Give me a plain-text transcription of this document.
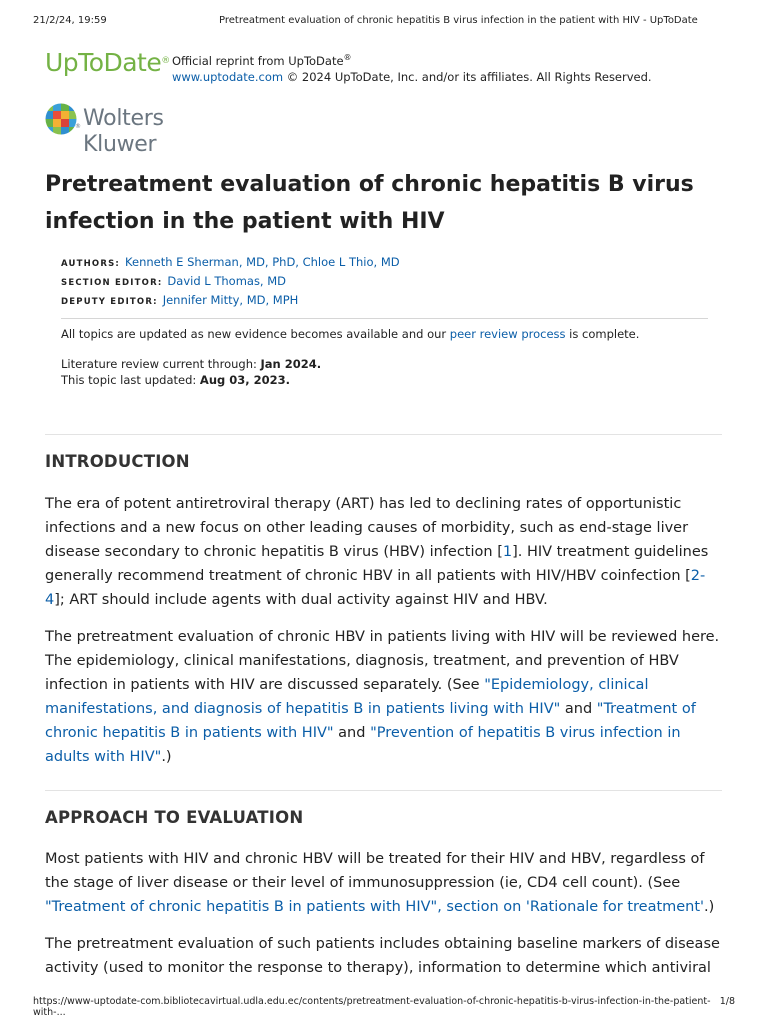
21/2/24, 19:59	Pretreatment evaluation of chronic hepatitis B virus infection in the patient with HIV - UpToDate
UpToDate® Official reprint from UpToDate®
www.uptodate.com © 2024 UpToDate, Inc. and/or its affiliates. All Rights Reserved.
® Wolters Kluwer
Pretreatment evaluation of chronic hepatitis B virus infection in the patient with HIV
AUTHORS: Kenneth E Sherman, MD, PhD, Chloe L Thio, MD
SECTION EDITOR: David L Thomas, MD
DEPUTY EDITOR: Jennifer Mitty, MD, MPH

All topics are updated as new evidence becomes available and our peer review process is complete.

Literature review current through: Jan 2024.

This topic last updated: Aug 03, 2023.

INTRODUCTION

The era of potent antiretroviral therapy (ART) has led to declining rates of opportunistic infections and a new focus on other leading causes of morbidity, such as end-stage liver disease secondary to chronic hepatitis B virus (HBV) infection [1]. HIV treatment guidelines generally recommend treatment of chronic HBV in all patients with HIV/HBV coinfection [2-4]; ART should include agents with dual activity against HIV and HBV.

The pretreatment evaluation of chronic HBV in patients living with HIV will be reviewed here. The epidemiology, clinical manifestations, diagnosis, treatment, and prevention of HBV infection in patients with HIV are discussed separately. (See "Epidemiology, clinical manifestations, and diagnosis of hepatitis B in patients living with HIV" and "Treatment of chronic hepatitis B in patients with HIV" and "Prevention of hepatitis B virus infection in adults with HIV".)

APPROACH TO EVALUATION

Most patients with HIV and chronic HBV will be treated for their HIV and HBV, regardless of the stage of liver disease or their level of immunosuppression (ie, CD4 cell count). (See "Treatment of chronic hepatitis B in patients with HIV", section on 'Rationale for treatment'.)

The pretreatment evaluation of such patients includes obtaining baseline markers of disease activity (used to monitor the response to therapy), information to determine which antiviral

https://www-uptodate-com.bibliotecavirtual.udla.edu.ec/contents/pretreatment-evaluation-of-chronic-hepatitis-b-virus-infection-in-the-patient-with-...
1/8
